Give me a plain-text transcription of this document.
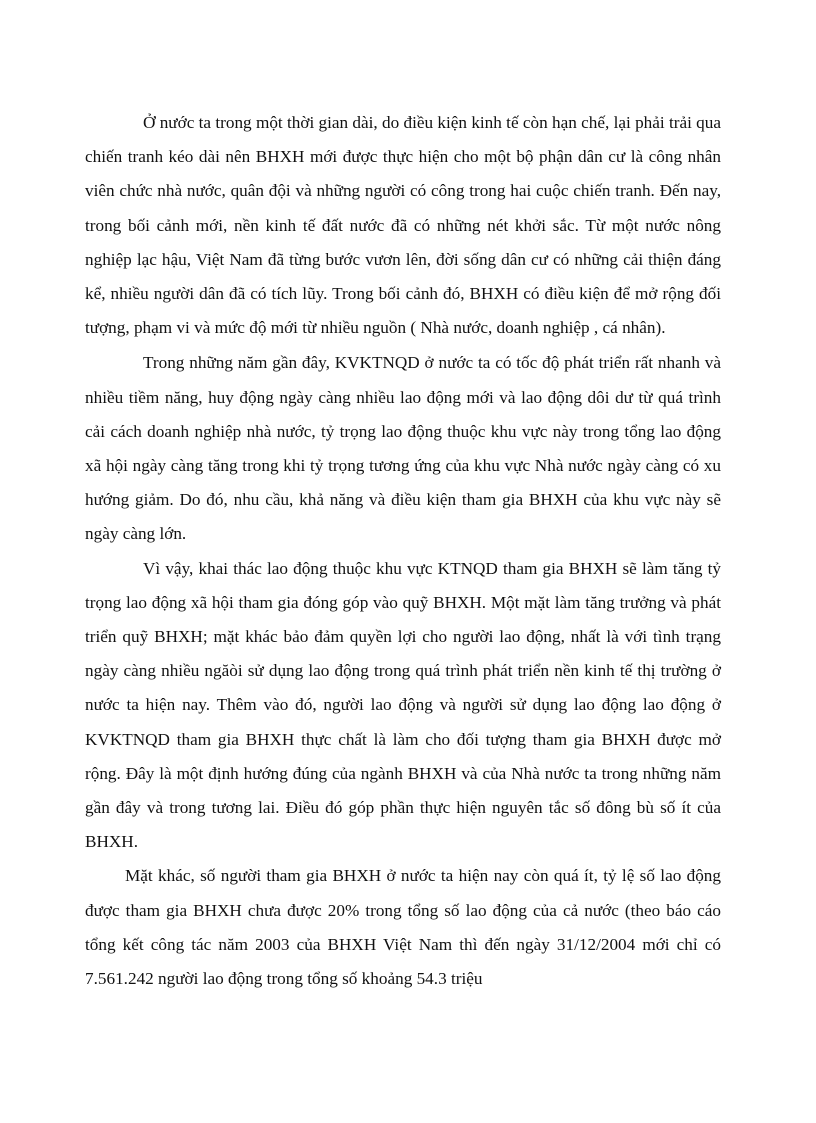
Ở nước ta trong một thời gian dài, do điều kiện kinh tế còn hạn chế, lại phải trải qua chiến tranh kéo dài nên BHXH mới được thực hiện cho một bộ phận dân cư là công nhân viên chức nhà nước, quân đội và những người có công trong hai cuộc chiến tranh. Đến nay, trong bối cảnh mới, nền kinh tế đất nước đã có những nét khởi sắc. Từ một nước nông nghiệp lạc hậu, Việt Nam đã từng bước vươn lên, đời sống dân cư có những cải thiện đáng kể, nhiều người dân đã có tích lũy. Trong bối cảnh đó, BHXH có điều kiện để mở rộng đối tượng, phạm vi và mức độ mới từ nhiều nguồn ( Nhà nước, doanh nghiệp , cá nhân).

Trong những năm gần đây, KVKTNQD ở nước ta có tốc độ phát triển rất nhanh và nhiều tiềm năng, huy động ngày càng nhiều lao động mới và lao động dôi dư từ quá trình cải cách doanh nghiệp nhà nước, tỷ trọng lao động thuộc khu vực này trong tổng lao động xã hội ngày càng tăng trong khi tỷ trọng tương ứng của khu vực Nhà nước ngày càng có xu hướng giảm. Do đó, nhu cầu, khả năng và điều kiện tham gia BHXH của khu vực này sẽ ngày càng lớn.

Vì vậy, khai thác lao động thuộc khu vực KTNQD tham gia BHXH sẽ làm tăng tỷ trọng lao động xã hội tham gia đóng góp vào quỹ BHXH. Một mặt làm tăng trưởng và phát triển quỹ BHXH; mặt khác bảo đảm quyền lợi cho người lao động, nhất là với tình trạng ngày càng nhiều ngăòi sử dụng lao động trong quá trình phát triển nền kinh tế thị trường ở nước ta hiện nay. Thêm vào đó, người lao động và người sử dụng lao động lao động ở KVKTNQD tham gia BHXH thực chất là làm cho đối tượng tham gia BHXH được mở rộng. Đây là một định hướng đúng của ngành BHXH và của Nhà nước ta trong những năm gần đây và trong tương lai. Điều đó góp phần thực hiện nguyên tắc số đông bù số ít của BHXH.

Mặt khác, số người tham gia BHXH ở nước ta hiện nay còn quá ít, tỷ lệ số lao động được tham gia BHXH chưa được 20% trong tổng số lao động của cả nước (theo báo cáo tổng kết công tác năm 2003 của BHXH Việt Nam thì đến ngày 31/12/2004 mới chỉ có 7.561.242 người lao động trong tổng số khoảng 54.3 triệu
